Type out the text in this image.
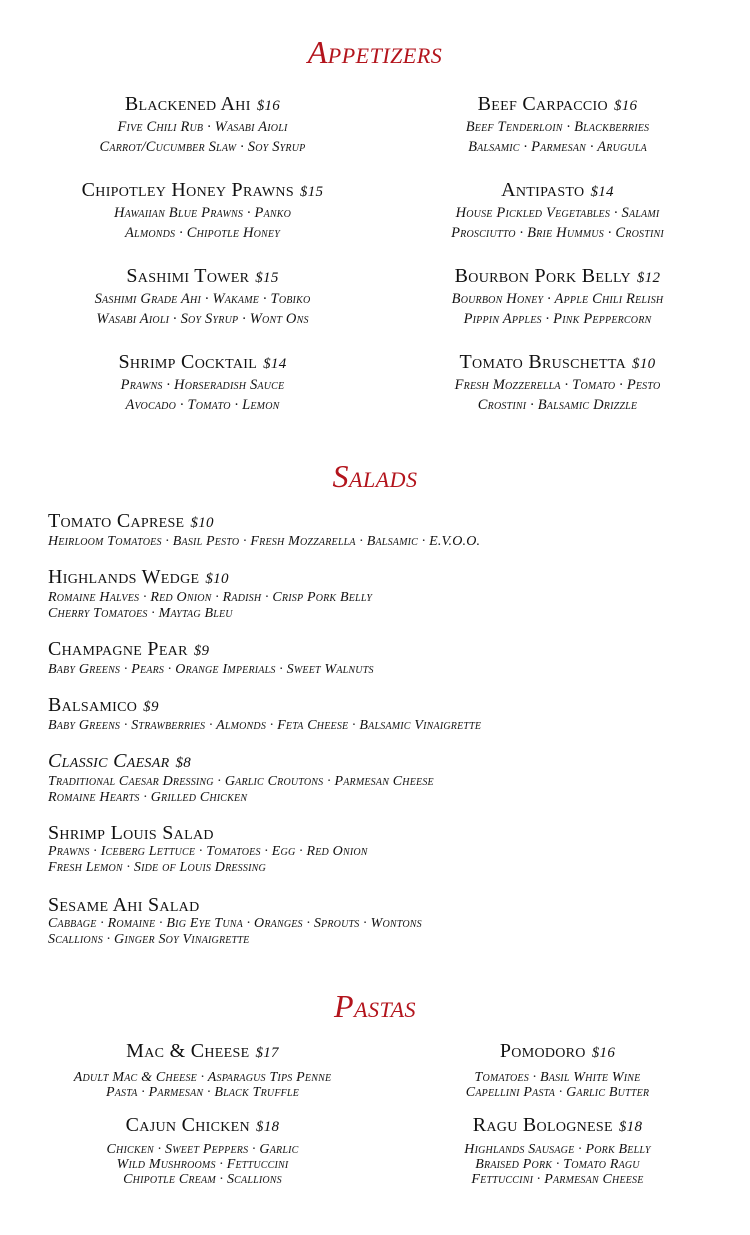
Appetizers
Blackened Ahi $16
Five Chili Rub · Wasabi Aioli
Carrot/Cucumber Slaw · Soy Syrup
Chipotley Honey Prawns $15
Hawaiian Blue Prawns · Panko
Almonds · Chipotle Honey
Sashimi Tower $15
Sashimi Grade Ahi · Wakame · Tobiko
Wasabi Aioli · Soy Syrup · Wont Ons
Shrimp Cocktail $14
Prawns · Horseradish Sauce
Avocado · Tomato · Lemon
Beef Carpaccio $16
Beef Tenderloin · Blackberries
Balsamic · Parmesan · Arugula
Antipasto $14
House Pickled Vegetables · Salami
Prosciutto · Brie Hummus · Crostini
Bourbon Pork Belly $12
Bourbon Honey · Apple Chili Relish
Pippin Apples · Pink Peppercorn
Tomato Bruschetta $10
Fresh Mozzerella · Tomato · Pesto
Crostini · Balsamic Drizzle
Salads
Tomato Caprese $10
Heirloom Tomatoes · Basil Pesto · Fresh Mozzarella · Balsamic · E.V.O.O.
Highlands Wedge $10
Romaine Halves · Red Onion · Radish · Crisp Pork Belly
Cherry Tomatoes · Maytag Bleu
Champagne Pear $9
Baby Greens · Pears · Orange Imperials · Sweet Walnuts
Balsamico $9
Baby Greens · Strawberries · Almonds · Feta Cheese · Balsamic Vinaigrette
Classic Caesar $8
Traditional Caesar Dressing · Garlic Croutons · Parmesan Cheese
Romaine Hearts · Grilled Chicken
Shrimp Louis Salad
Prawns · Iceberg Lettuce · Tomatoes · Egg · Red Onion
Fresh Lemon · Side of Louis Dressing
Sesame Ahi Salad
Cabbage · Romaine · Big Eye Tuna · Oranges · Sprouts · Wontons
Scallions · Ginger Soy Vinaigrette
Pastas
Mac & Cheese $17
Adult Mac & Cheese · Asparagus Tips Penne
Pasta · Parmesan · Black Truffle
Cajun Chicken $18
Chicken · Sweet Peppers · Garlic
Wild Mushrooms · Fettuccini
Chipotle Cream · Scallions
Pomodoro $16
Tomatoes · Basil White Wine
Capellini Pasta · Garlic Butter
Ragu Bolognese $18
Highlands Sausage · Pork Belly
Braised Pork · Tomato Ragu
Fettuccini · Parmesan Cheese
